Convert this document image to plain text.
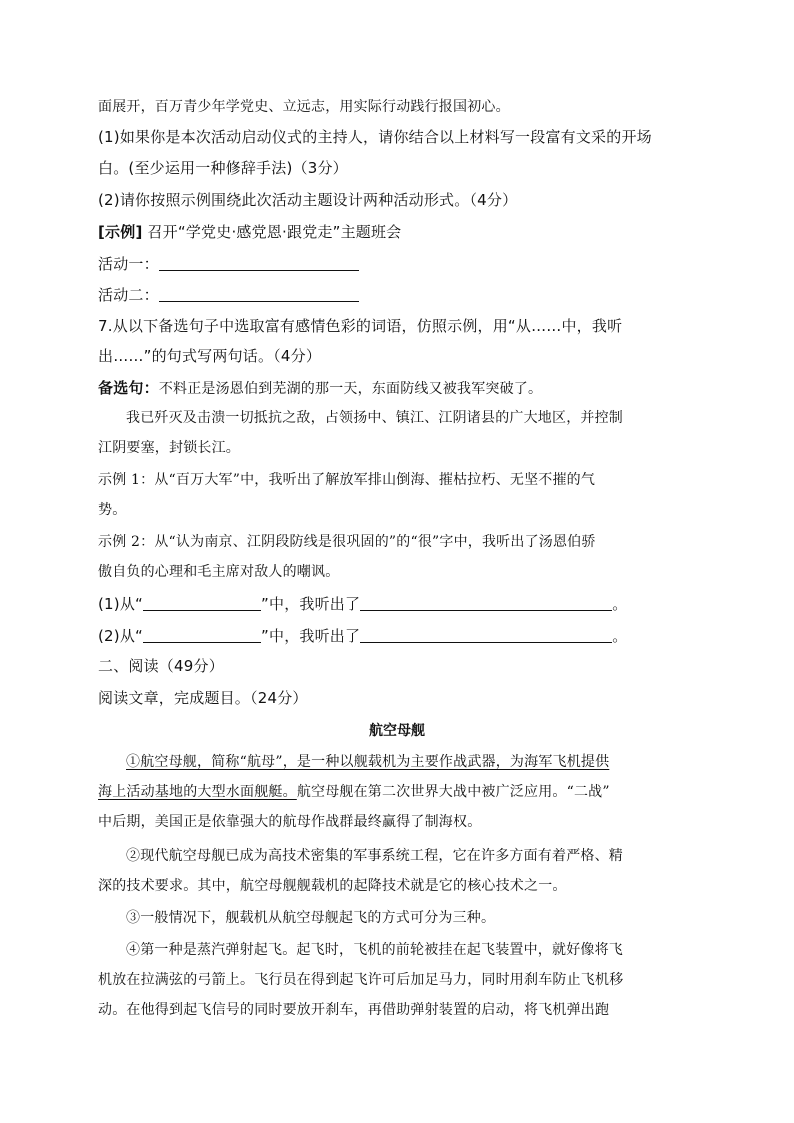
面展开，百万青少年学党史、立远志，用实际行动践行报国初心。
(1)如果你是本次活动启动仪式的主持人，请你结合以上材料写一段富有文采的开场
白。(至少运用一种修辞手法)（3分）
(2)请你按照示例围绕此次活动主题设计两种活动形式。（4分）
[示例] 召开“学党史·感党恩·跟党走”主题班会
活动一：
活动二：
7.从以下备选句子中选取富有感情色彩的词语，仿照示例，用“从……中，我听
出……”的句式写两句话。（4分）
备选句：不料正是汤恩伯到芜湖的那一天，东面防线又被我军突破了。
我已歼灭及击溃一切抵抗之敌，占领扬中、镇江、江阴诸县的广大地区，并控制
江阴要塞，封锁长江。
示例 1：从“百万大军”中，我听出了解放军排山倒海、摧枯拉朽、无坚不摧的气
势。
示例 2：从“认为南京、江阴段防线是很巩固的”的“很”字中，我听出了汤恩伯骄
傲自负的心理和毛主席对敌人的嘲讽。
(1)从“	”中，我听出了	。
(2)从“	”中，我听出了	。
二、阅读（49分）
阅读文章，完成题目。（24分）
航空母舰
①航空母舰，简称“航母”，是一种以舰载机为主要作战武器，为海军飞机提供
海上活动基地的大型水面舰艇。航空母舰在第二次世界大战中被广泛应用。“二战”
中后期，美国正是依靠强大的航母作战群最终赢得了制海权。
②现代航空母舰已成为高技术密集的军事系统工程，它在许多方面有着严格、精
深的技术要求。其中，航空母舰舰载机的起降技术就是它的核心技术之一。
③一般情况下，舰载机从航空母舰起飞的方式可分为三种。
④第一种是蒸汽弹射起飞。起飞时，飞机的前轮被挂在起飞装置中，就好像将飞
机放在拉满弦的弓箭上。飞行员在得到起飞许可后加足马力，同时用刹车防止飞机移
动。在他得到起飞信号的同时要放开刹车，再借助弹射装置的启动，将飞机弹出跑
